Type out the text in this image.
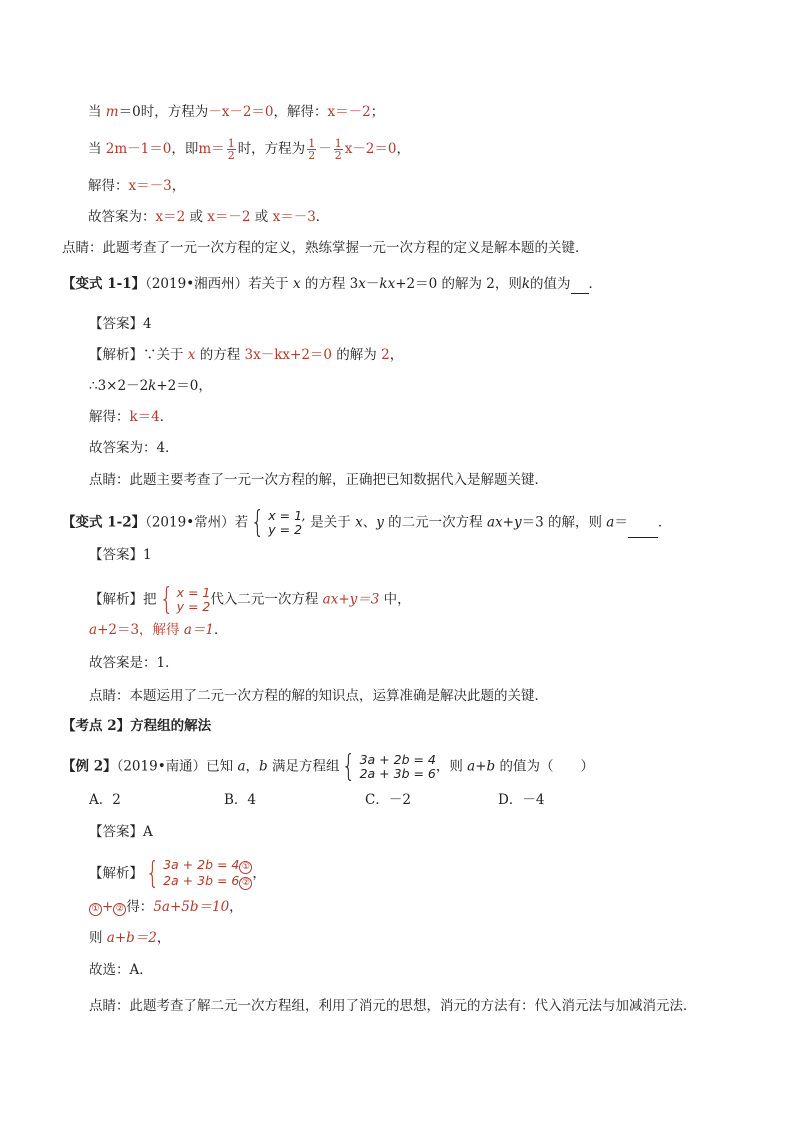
当 m＝0时，方程为－x－2＝0，解得：x＝－2；
当 2m－1＝0，即$m= \frac{1}{2}$ 时，方程为 $\frac{1}{2} - \frac{1}{2} x-2=0$，
解得：x＝－3，
故答案为：x＝2 或 x＝－2 或 x＝－3．
点睛：此题考查了一元一次方程的定义，熟练掌握一元一次方程的定义是解本题的关键．
【变式 1-1】（2019•湘西州）若关于 x 的方程 3x－kx+2＝0 的解为 2，则k的值为 ．
【答案】4
【解析】∵关于 x 的方程 3x－kx+2＝0 的解为 2，
∴3×2－2k+2＝0，
解得：k＝4．
故答案为：4．
点睛：此题主要考查了一元一次方程的解，正确把已知数据代入是解题关键．
【变式 1-2】（2019•常州）若 { x = 1,
y = 2 是关于 x、y 的二元一次方程 ax+y＝3 的解，则 a＝ ．
【答案】1
【解析】把 { x = 1
y = 2 代入二元一次方程 ax+y＝3 中，
a+2＝3，解得 a＝1．
故答案是：1．
点睛：本题运用了二元一次方程的解的知识点，运算准确是解决此题的关键．
【考点 2】方程组的解法
【例 2】（2019•南通）已知 a，b 满足方程组 { 3a + 2b = 4
2a + 3b = 6 ，则 a+b 的值为（　　）
A．2	B．4	C．－2	D．－4
【答案】A
【解析】 { 3a + 2b = 4 ①
2a + 3b = 6 ②
，
① + ② 得：5a+5b＝10，
则 a+b＝2，
故选：A．
点睛：此题考查了解二元一次方程组，利用了消元的思想，消元的方法有：代入消元法与加减消元法．
